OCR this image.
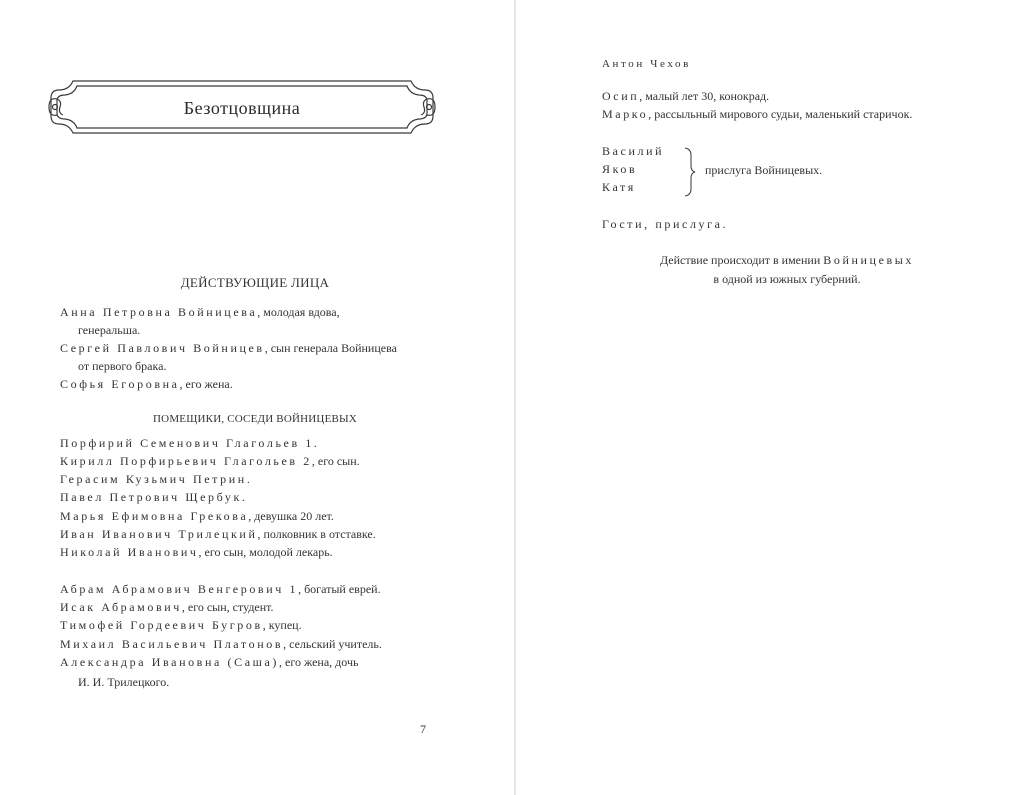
Безотцовщина
ДЕЙСТВУЮЩИЕ ЛИЦА
Анна Петровна Войницева, молодая вдова,
генеральша.
Сергей Павлович Войницев, сын генерала Войницева
от первого брака.
Софья Егоровна, его жена.
ПОМЕЩИКИ, СОСЕДИ ВОЙНИЦЕВЫХ
Порфирий Семенович Глагольев 1.
Кирилл Порфирьевич Глагольев 2, его сын.
Герасим Кузьмич Петрин.
Павел Петрович Щербук.
Марья Ефимовна Грекова, девушка 20 лет.
Иван Иванович Трилецкий, полковник в отставке.
Николай Иванович, его сын, молодой лекарь.
Абрам Абрамович Венгерович 1, богатый еврей.
Исак Абрамович, его сын, студент.
Тимофей Гордеевич Бугров, купец.
Михаил Васильевич Платонов, сельский учитель.
Александра Ивановна (Саша), его жена, дочь
И. И. Трилецкого.
7
Антон Чехов
Осип, малый лет 30, конокрад.
Марко, рассыльный мирового судьи, маленький старичок.
Василий
Яков
Катя
прислуга Войницевых.
Гости, прислуга.
Действие происходит в имении Войницевых
в одной из южных губерний.
